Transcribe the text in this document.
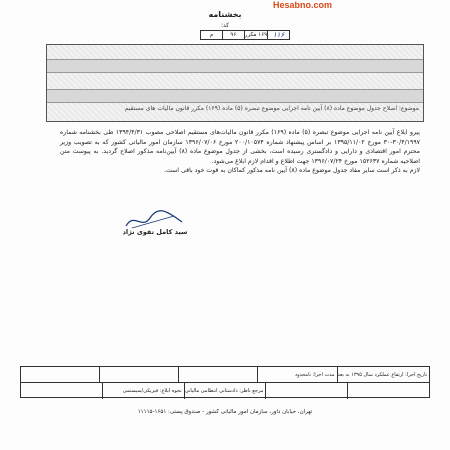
Hesabno.com
بخشنامه
کد:
۱۱۶
۱۶۹ مکرر
۹۶
م
موضوع: اصلاح جدول موضوع ماده (۸) آیین نامه اجرایی موضوع تبصره (۵) ماده (۱۶۹) مکرر قانون مالیات های مستقیم

پیرو ابلاغ آیین نامه اجرایی موضوع تبصره (۵) ماده (۱۶۹) مکرر قانون مالیات‌های مستقیم اصلاحی مصوب ۱۳۹۴/۴/۳۱ طی بخشنامه شماره ۳۰/۴/۱۹۹۷-۳۰ مورخ ۱۳۹۵/۱۱/۰۲ بر اساس پیشنهاد شماره ۲۰۰/۱۰۵۷۴ مورخ ۱۳۹۶/۰۷/۰۶ سازمان امور مالیاتی کشور که به تصویب وزیر محترم امور اقتصادی و دارایی و دادگستری رسیده است، بخشی از جدول موضوع ماده (۸) آیین‌نامه مذکور اصلاح گردید. به پیوست متن اصلاحیه شماره ۱۵۲۶۳۷ مورخ ۱۳۹۶/۰۷/۲۴ جهت اطلاع و اقدام لازم ابلاغ می‌شود.

لازم به ذکر است سایر مفاد جدول موضوع ماده (۸) آیین نامه مذکور کماکان به قوت خود باقی است.

سید کامل تقوی نژاد
تاریخ اجرا: ارتفاع عملکرد سال ۱۳۹۵ به بعد
مدت اجرا: نامحدود
مرجع ناظر: دادستانی انتظامی مالیاتی
نحوه ابلاغ: فیزیکی/سیستمی
تهران، خیابان داور، سازمان امور مالیاتی کشور - صندوق پستی: ۱۶۵۱-۱۱۱۱۵
